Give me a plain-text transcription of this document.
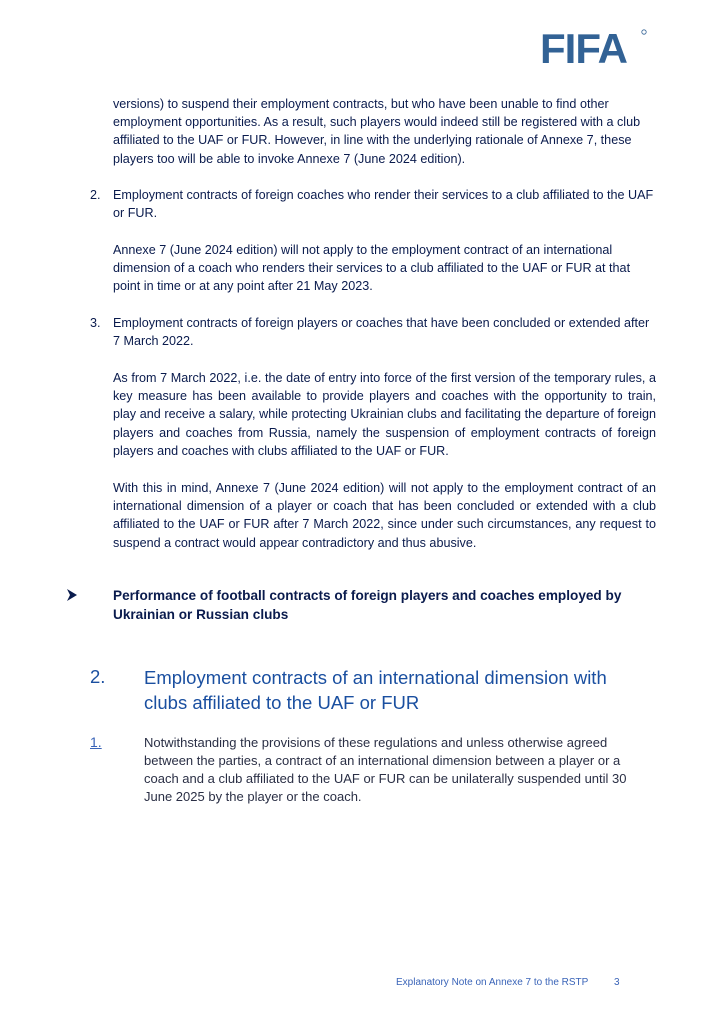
FIFA
versions) to suspend their employment contracts, but who have been unable to find other employment opportunities. As a result, such players would indeed still be registered with a club affiliated to the UAF or FUR. However, in line with the underlying rationale of Annexe 7, these players too will be able to invoke Annexe 7 (June 2024 edition).
2. Employment contracts of foreign coaches who render their services to a club affiliated to the UAF or FUR.
Annexe 7 (June 2024 edition) will not apply to the employment contract of an international dimension of a coach who renders their services to a club affiliated to the UAF or FUR at that point in time or at any point after 21 May 2023.
3. Employment contracts of foreign players or coaches that have been concluded or extended after 7 March 2022.
As from 7 March 2022, i.e. the date of entry into force of the first version of the temporary rules, a key measure has been available to provide players and coaches with the opportunity to train, play and receive a salary, while protecting Ukrainian clubs and facilitating the departure of foreign players and coaches from Russia, namely the suspension of employment contracts of foreign players and coaches with clubs affiliated to the UAF or FUR.
With this in mind, Annexe 7 (June 2024 edition) will not apply to the employment contract of an international dimension of a player or coach that has been concluded or extended with a club affiliated to the UAF or FUR after 7 March 2022, since under such circumstances, any request to suspend a contract would appear contradictory and thus abusive.
Performance of football contracts of foreign players and coaches employed by Ukrainian or Russian clubs
2. Employment contracts of an international dimension with clubs affiliated to the UAF or FUR
1.	Notwithstanding the provisions of these regulations and unless otherwise agreed between the parties, a contract of an international dimension between a player or a coach and a club affiliated to the UAF or FUR can be unilaterally suspended until 30 June 2025 by the player or the coach.
Explanatory Note on Annexe 7 to the RSTP	3
